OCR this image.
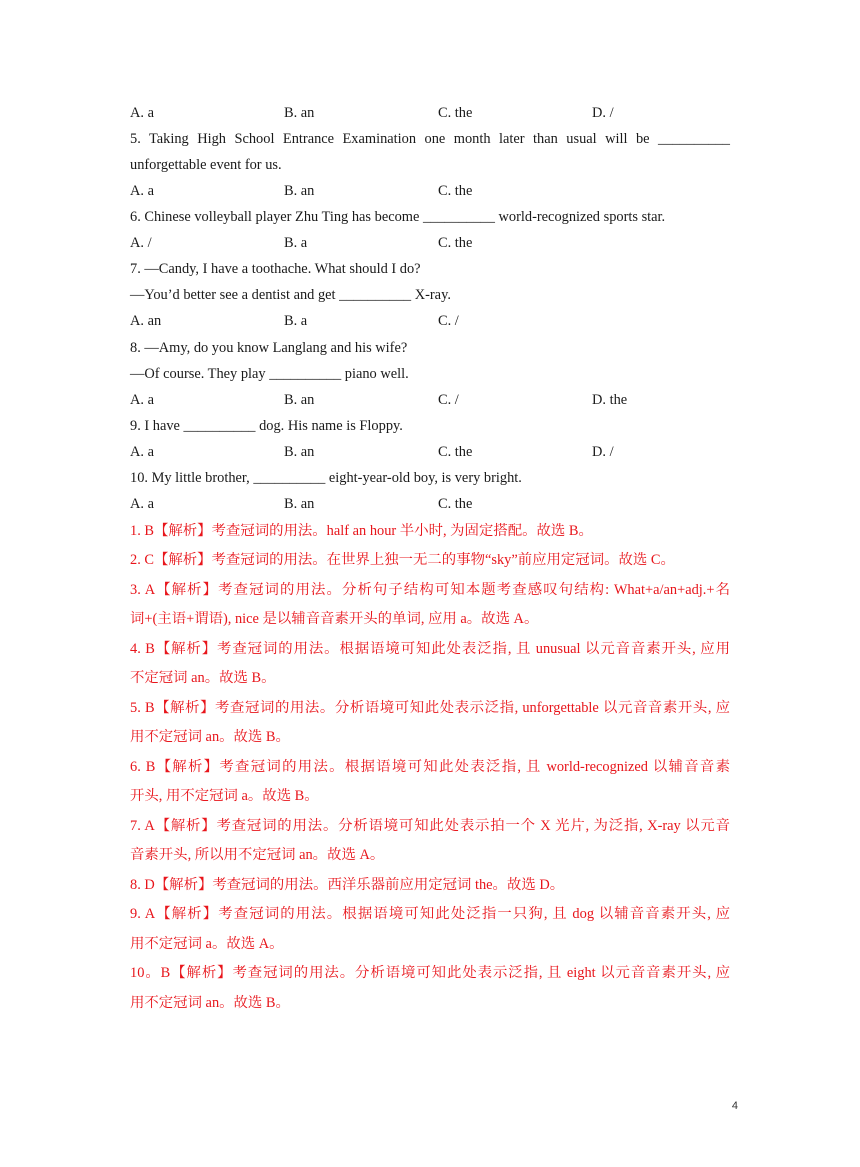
A. a	B. an	C. the	D. /
5. Taking High School Entrance Examination one month later than usual will be __________
unforgettable event for us.
A. a	B. an	C. the
6. Chinese volleyball player Zhu Ting has become __________ world-recognized sports star.
A. /	B. a	C. the
7. —Candy, I have a toothache. What should I do?
—You’d better see a dentist and get __________ X-ray.
A. an	B. a	C. /
8. —Amy, do you know Langlang and his wife?
—Of course. They play __________ piano well.
A. a	B. an	C. /	D. the
9. I have __________ dog. His name is Floppy.
A. a	B. an	C. the	D. /
10. My little brother, __________ eight-year-old boy, is very bright.
A. a	B. an	C. the
1. B【解析】考查冠词的用法。half an hour 半小时, 为固定搭配。故选 B。
2. C【解析】考查冠词的用法。在世界上独一无二的事物“sky”前应用定冠词。故选 C。
3. A【解析】考查冠词的用法。分析句子结构可知本题考查感叹句结构: What+a/an+adj.+名
词+(主语+谓语), nice 是以辅音音素开头的单词, 应用 a。故选 A。
4. B【解析】考查冠词的用法。根据语境可知此处表泛指, 且 unusual 以元音音素开头, 应用
不定冠词 an。故选 B。
5. B【解析】考查冠词的用法。分析语境可知此处表示泛指, unforgettable 以元音音素开头, 应
用不定冠词 an。故选 B。
6. B【解析】考查冠词的用法。根据语境可知此处表泛指, 且 world-recognized 以辅音音素
开头, 用不定冠词 a。故选 B。
7. A【解析】考查冠词的用法。分析语境可知此处表示拍一个 X 光片, 为泛指, X-ray 以元音
音素开头, 所以用不定冠词 an。故选 A。
8. D【解析】考查冠词的用法。西洋乐器前应用定冠词 the。故选 D。
9. A【解析】考查冠词的用法。根据语境可知此处泛指一只狗, 且 dog 以辅音音素开头, 应
用不定冠词 a。故选 A。
10。B【解析】考查冠词的用法。分析语境可知此处表示泛指, 且 eight 以元音音素开头, 应
用不定冠词 an。故选 B。
4
